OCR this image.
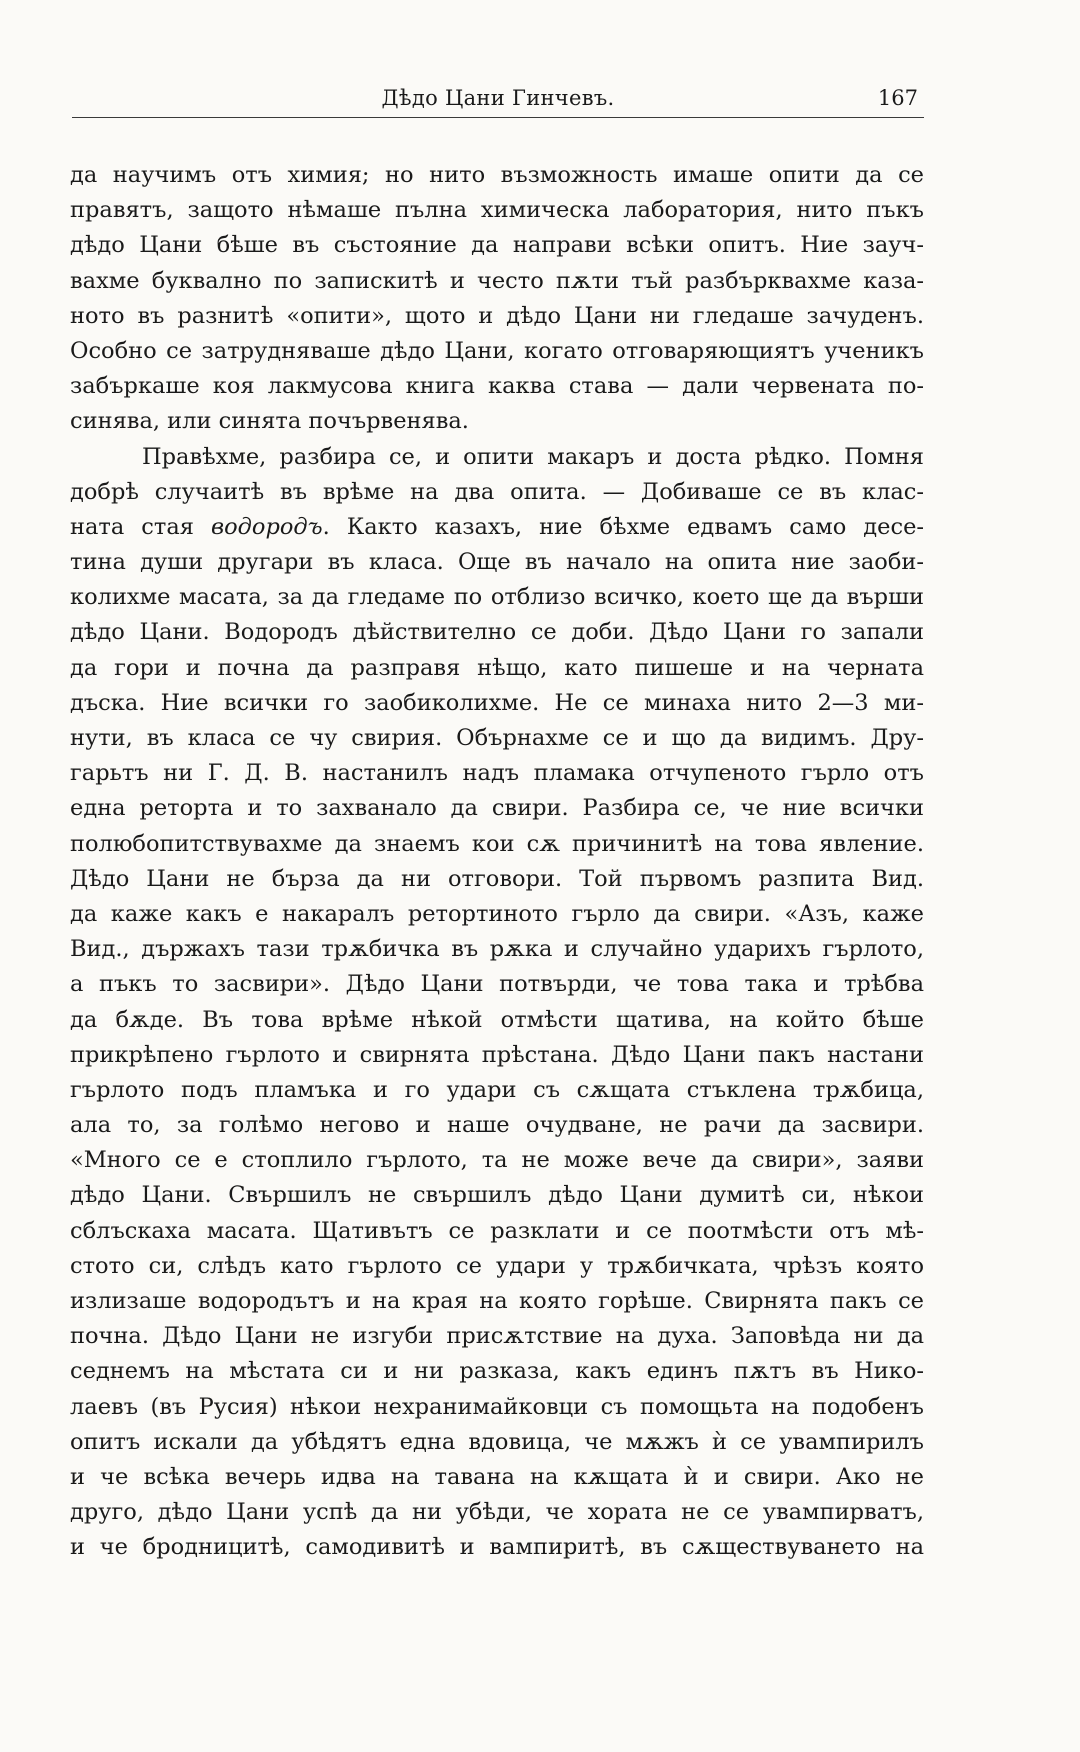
Дѣдо Цани Гинчевъ.	167
да научимъ отъ химия; но нито възможность имаше опити да се
правятъ, защото нѣмаше пълна химическа лаборатория, нито пъкъ
дѣдо Цани бѣше въ състояние да направи всѣки опитъ. Ние зауч-
вахме буквално по запискитѣ и често пѫти тъй разбърквахме каза-
ното въ разнитѣ «опити», щото и дѣдо Цани ни гледаше зачуденъ.
Особно се затрудняваше дѣдо Цани, когато отговаряющиятъ ученикъ
забъркаше коя лакмусова книга каква става — дали червената по-
синява, или синята почървенява.
Правѣхме, разбира се, и опити макаръ и доста рѣдко. Помня
добрѣ случаитѣ въ врѣме на два опита. — Добиваше се въ клас-
ната стая водородъ. Както казахъ, ние бѣхме едвамъ само десе-
тина души другари въ класа. Още въ начало на опита ние заоби-
колихме масата, за да гледаме по отблизо всичко, което ще да върши
дѣдо Цани. Водородъ дѣйствително се доби. Дѣдо Цани го запали
да гори и почна да разправя нѣщо, като пишеше и на черната
дъска. Ние всички го заобиколихме. Не се минаха нито 2—3 ми-
нути, въ класа се чу свирия. Обърнахме се и що да видимъ. Дру-
гарьтъ ни Г. Д. В. настанилъ надъ пламака отчупеното гърло отъ
една реторта и то захванало да свири. Разбира се, че ние всички
полюбопитствувахме да знаемъ кои сѫ причинитѣ на това явление.
Дѣдо Цани не бърза да ни отговори. Той първомъ разпита Вид.
да каже какъ е накаралъ ретортиното гърло да свири. «Азъ, каже
Вид., държахъ тази трѫбичка въ рѫка и случайно ударихъ гърлото,
а пъкъ то засвири». Дѣдо Цани потвърди, че това така и трѣбва
да бѫде. Въ това врѣме нѣкой отмѣсти щатива, на който бѣше
прикрѣпено гърлото и свирнята прѣстана. Дѣдо Цани пакъ настани
гърлото подъ пламъка и го удари съ сѫщата стъклена трѫбица,
ала то, за голѣмо негово и наше очудване, не рачи да засвири.
«Много се е стоплило гърлото, та не може вече да свири», заяви
дѣдо Цани. Свършилъ не свършилъ дѣдо Цани думитѣ си, нѣкои
сблъскаха масата. Щативътъ се разклати и се поотмѣсти отъ мѣ-
стото си, слѣдъ като гърлото се удари у трѫбичката, чрѣзъ която
излизаше водородътъ и на края на която горѣше. Свирнята пакъ се
почна. Дѣдо Цани не изгуби присѫтствие на духа. Заповѣда ни да
седнемъ на мѣстата си и ни разказа, какъ единъ пѫтъ въ Нико-
лаевъ (въ Русия) нѣкои нехранимайковци съ помощьта на подобенъ
опитъ искали да убѣдятъ една вдовица, че мѫжъ ѝ се увампирилъ
и че всѣка вечерь идва на тавана на кѫщата ѝ и свири. Ако не
друго, дѣдо Цани успѣ да ни убѣди, че хората не се увампирватъ,
и че бродницитѣ, самодивитѣ и вампиритѣ, въ сѫществуването на
